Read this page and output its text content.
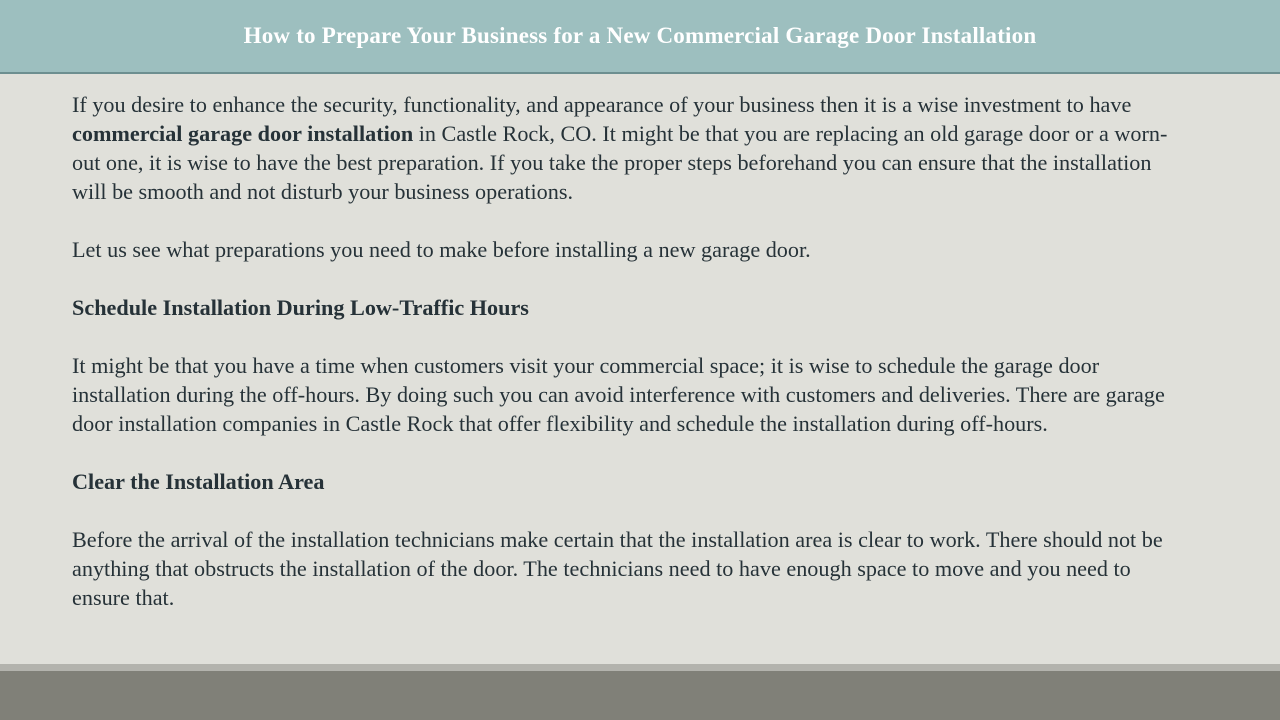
How to Prepare Your Business for a New Commercial Garage Door Installation

If you desire to enhance the security, functionality, and appearance of your business then it is a wise investment to have commercial garage door installation in Castle Rock, CO. It might be that you are replacing an old garage door or a worn-out one, it is wise to have the best preparation. If you take the proper steps beforehand you can ensure that the installation will be smooth and not disturb your business operations.

Let us see what preparations you need to make before installing a new garage door.

Schedule Installation During Low-Traffic Hours

It might be that you have a time when customers visit your commercial space; it is wise to schedule the garage door installation during the off-hours. By doing such you can avoid interference with customers and deliveries. There are garage door installation companies in Castle Rock that offer flexibility and schedule the installation during off-hours.

Clear the Installation Area

Before the arrival of the installation technicians make certain that the installation area is clear to work. There should not be anything that obstructs the installation of the door. The technicians need to have enough space to move and you need to ensure that.
